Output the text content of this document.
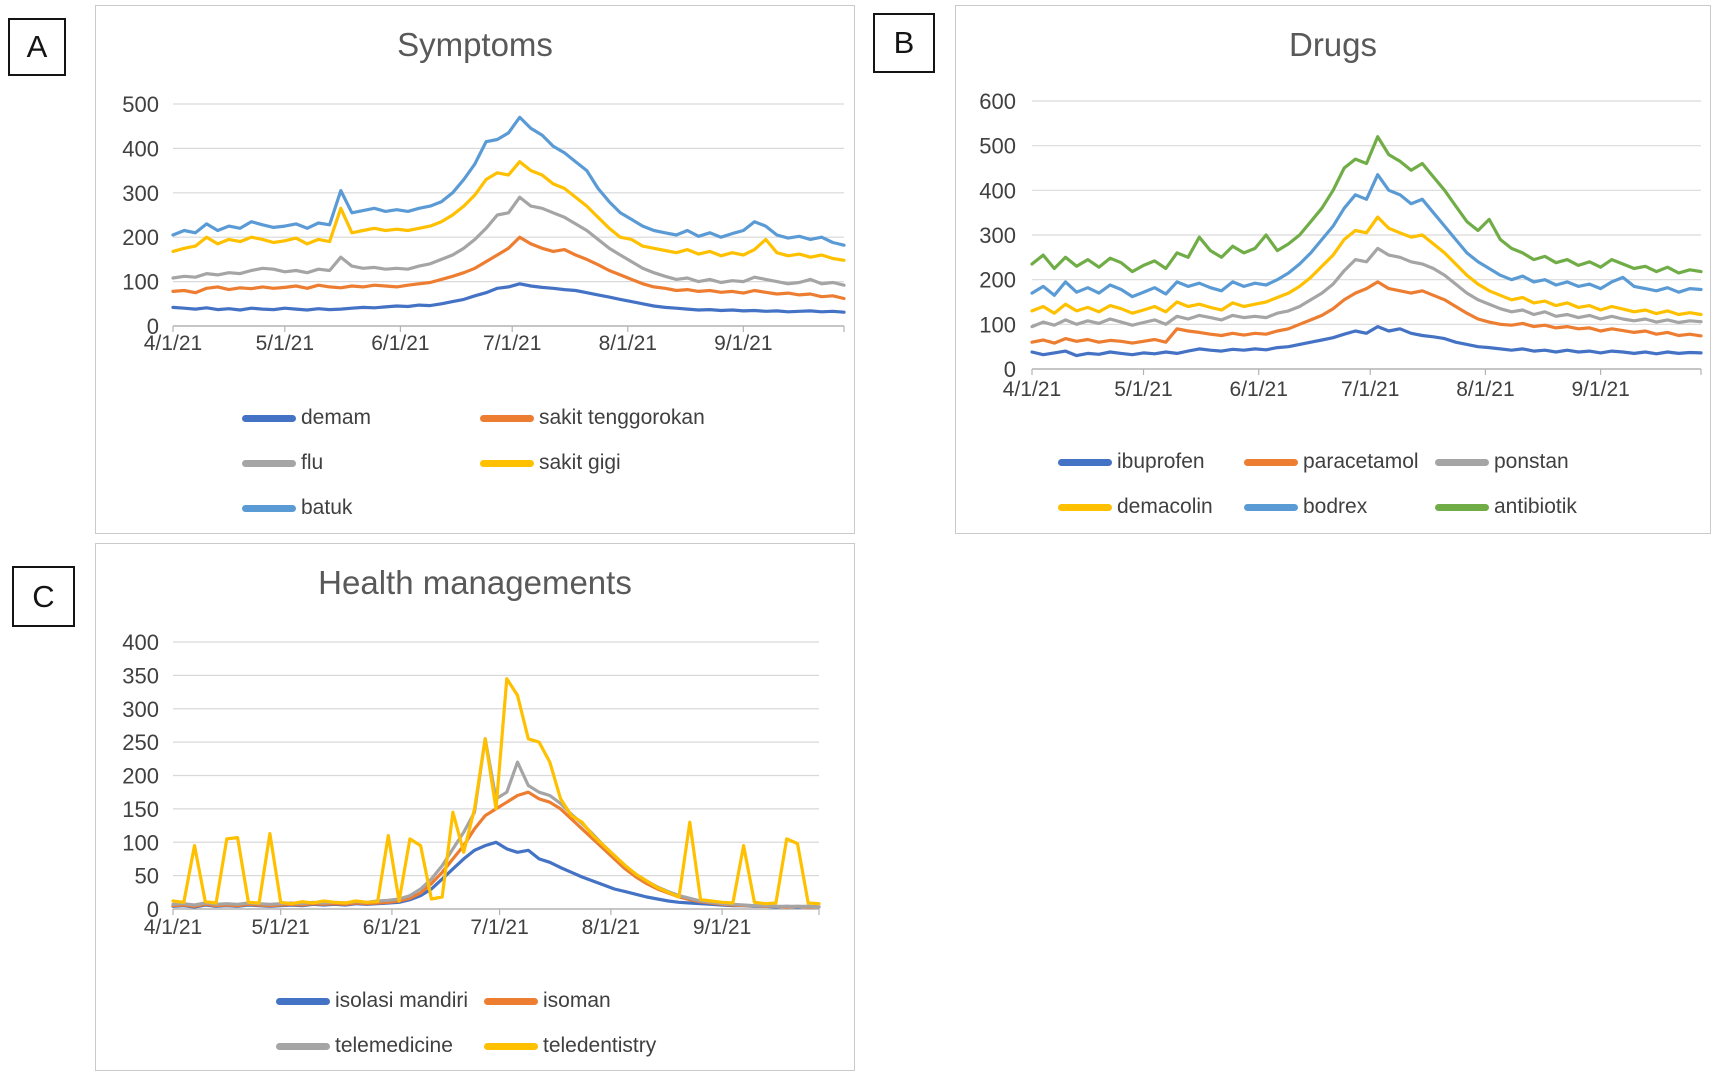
A	Symptoms
0
100
200
300
400
500
4/1/21	5/1/21	6/1/21	7/1/21	8/1/21	9/1/21
demam	sakit tenggorokan
flu	sakit gigi
batuk
B	Drugs
0
100
200
300
400
500
600
4/1/21	5/1/21	6/1/21	7/1/21	8/1/21	9/1/21
ibuprofen	paracetamol	ponstan
demacolin	bodrex	antibiotik
C	Health managements
0
50
100
150
200
250
300
350
400
4/1/21 5/1/21	6/1/21 7/1/21	8/1/21	9/1/21
isolasi mandiri	isoman
telemedicine	teledentistry
